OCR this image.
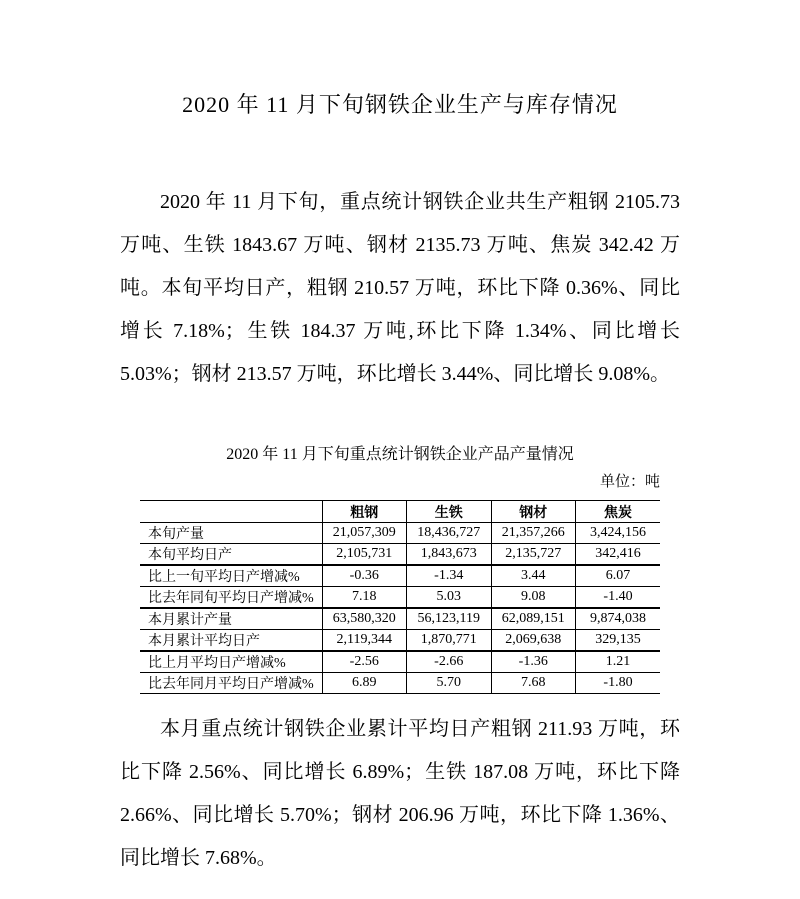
2020 年 11 月下旬钢铁企业生产与库存情况

2020 年 11 月下旬，重点统计钢铁企业共生产粗钢 2105.73 万吨、生铁 1843.67 万吨、钢材 2135.73 万吨、焦炭 342.42 万吨。本旬平均日产，粗钢 210.57 万吨，环比下降 0.36%、同比增长 7.18%；生铁 184.37 万吨,环比下降 1.34%、同比增长 5.03%；钢材 213.57 万吨，环比增长 3.44%、同比增长 9.08%。

2020 年 11 月下旬重点统计钢铁企业产品产量情况
单位：吨
	粗钢	生铁	钢材	焦炭
本旬产量	21,057,309	18,436,727	21,357,266	3,424,156
本旬平均日产	2,105,731	1,843,673	2,135,727	342,416
比上一旬平均日产增减%	-0.36	-1.34	3.44	6.07
比去年同旬平均日产增减%	7.18	5.03	9.08	-1.40
本月累计产量	63,580,320	56,123,119	62,089,151	9,874,038
本月累计平均日产	2,119,344	1,870,771	2,069,638	329,135
比上月平均日产增减%	-2.56	-2.66	-1.36	1.21
比去年同月平均日产增减%	6.89	5.70	7.68	-1.80

本月重点统计钢铁企业累计平均日产粗钢 211.93 万吨，环比下降 2.56%、同比增长 6.89%；生铁 187.08 万吨，环比下降 2.66%、同比增长 5.70%；钢材 206.96 万吨，环比下降 1.36%、同比增长 7.68%。
